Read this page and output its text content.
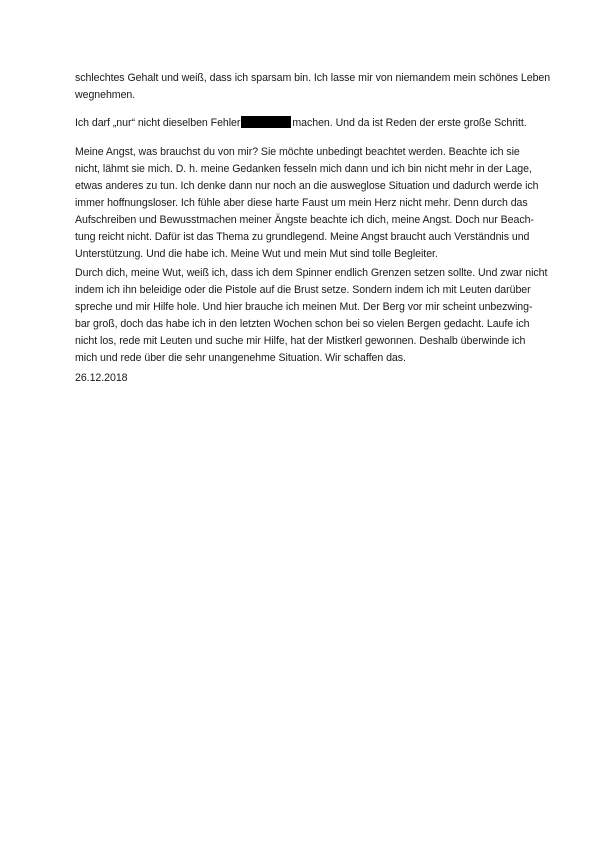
schlechtes Gehalt und weiß, dass ich sparsam bin. Ich lasse mir von niemandem mein schönes Leben
wegnehmen.
Ich darf „nur“ nicht dieselben Fehler	machen. Und da ist Reden der erste große Schritt.
Meine Angst, was brauchst du von mir? Sie möchte unbedingt beachtet werden. Beachte ich sie
nicht, lähmt sie mich. D. h. meine Gedanken fesseln mich dann und ich bin nicht mehr in der Lage,
etwas anderes zu tun. Ich denke dann nur noch an die ausweglose Situation und dadurch werde ich
immer hoffnungsloser. Ich fühle aber diese harte Faust um mein Herz nicht mehr. Denn durch das
Aufschreiben und Bewusstmachen meiner Ängste beachte ich dich, meine Angst. Doch nur Beach-
tung reicht nicht. Dafür ist das Thema zu grundlegend. Meine Angst braucht auch Verständnis und
Unterstützung. Und die habe ich. Meine Wut und mein Mut sind tolle Begleiter.
Durch dich, meine Wut, weiß ich, dass ich dem Spinner endlich Grenzen setzen sollte. Und zwar nicht
indem ich ihn beleidige oder die Pistole auf die Brust setze. Sondern indem ich mit Leuten darüber
spreche und mir Hilfe hole. Und hier brauche ich meinen Mut. Der Berg vor mir scheint unbezwing-
bar groß, doch das habe ich in den letzten Wochen schon bei so vielen Bergen gedacht. Laufe ich
nicht los, rede mit Leuten und suche mir Hilfe, hat der Mistkerl gewonnen. Deshalb überwinde ich
mich und rede über die sehr unangenehme Situation. Wir schaffen das.
26.12.2018
